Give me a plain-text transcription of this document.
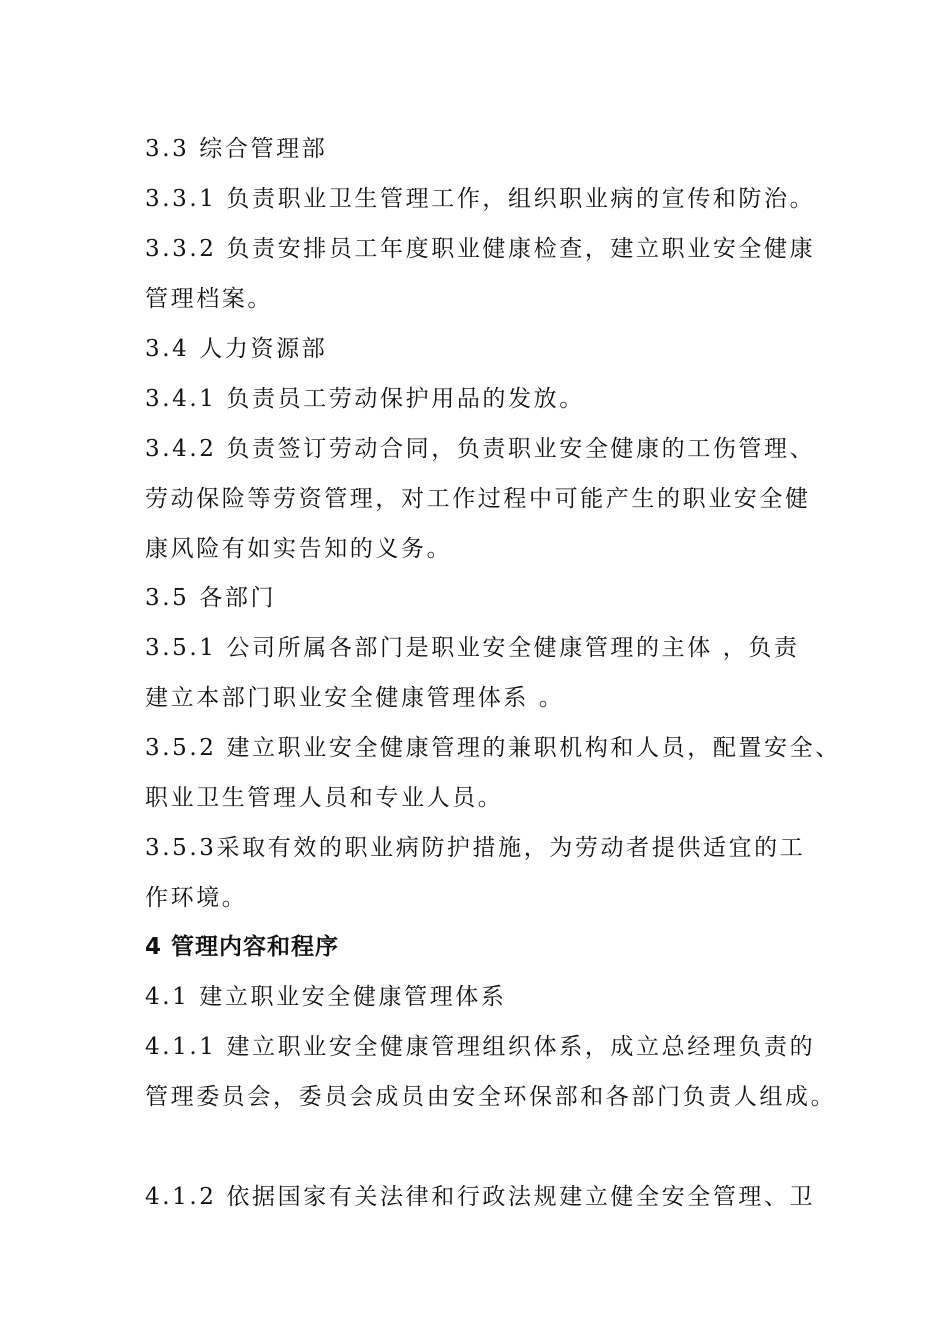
3.3 综合管理部
3.3.1 负责职业卫生管理工作，组织职业病的宣传和防治。
3.3.2 负责安排员工年度职业健康检查，建立职业安全健康
管理档案。
3.4 人力资源部
3.4.1 负责员工劳动保护用品的发放。
3.4.2 负责签订劳动合同，负责职业安全健康的工伤管理、
劳动保险等劳资管理，对工作过程中可能产生的职业安全健
康风险有如实告知的义务。
3.5 各部门
3.5.1 公司所属各部门是职业安全健康管理的主体 ，负责
建立本部门职业安全健康管理体系 。
3.5.2 建立职业安全健康管理的兼职机构和人员，配置安全、
职业卫生管理人员和专业人员。
3.5.3采取有效的职业病防护措施，为劳动者提供适宜的工
作环境。
4 管理内容和程序
4.1 建立职业安全健康管理体系
4.1.1 建立职业安全健康管理组织体系，成立总经理负责的
管理委员会，委员会成员由安全环保部和各部门负责人组成。
4.1.2 依据国家有关法律和行政法规建立健全安全管理、卫
